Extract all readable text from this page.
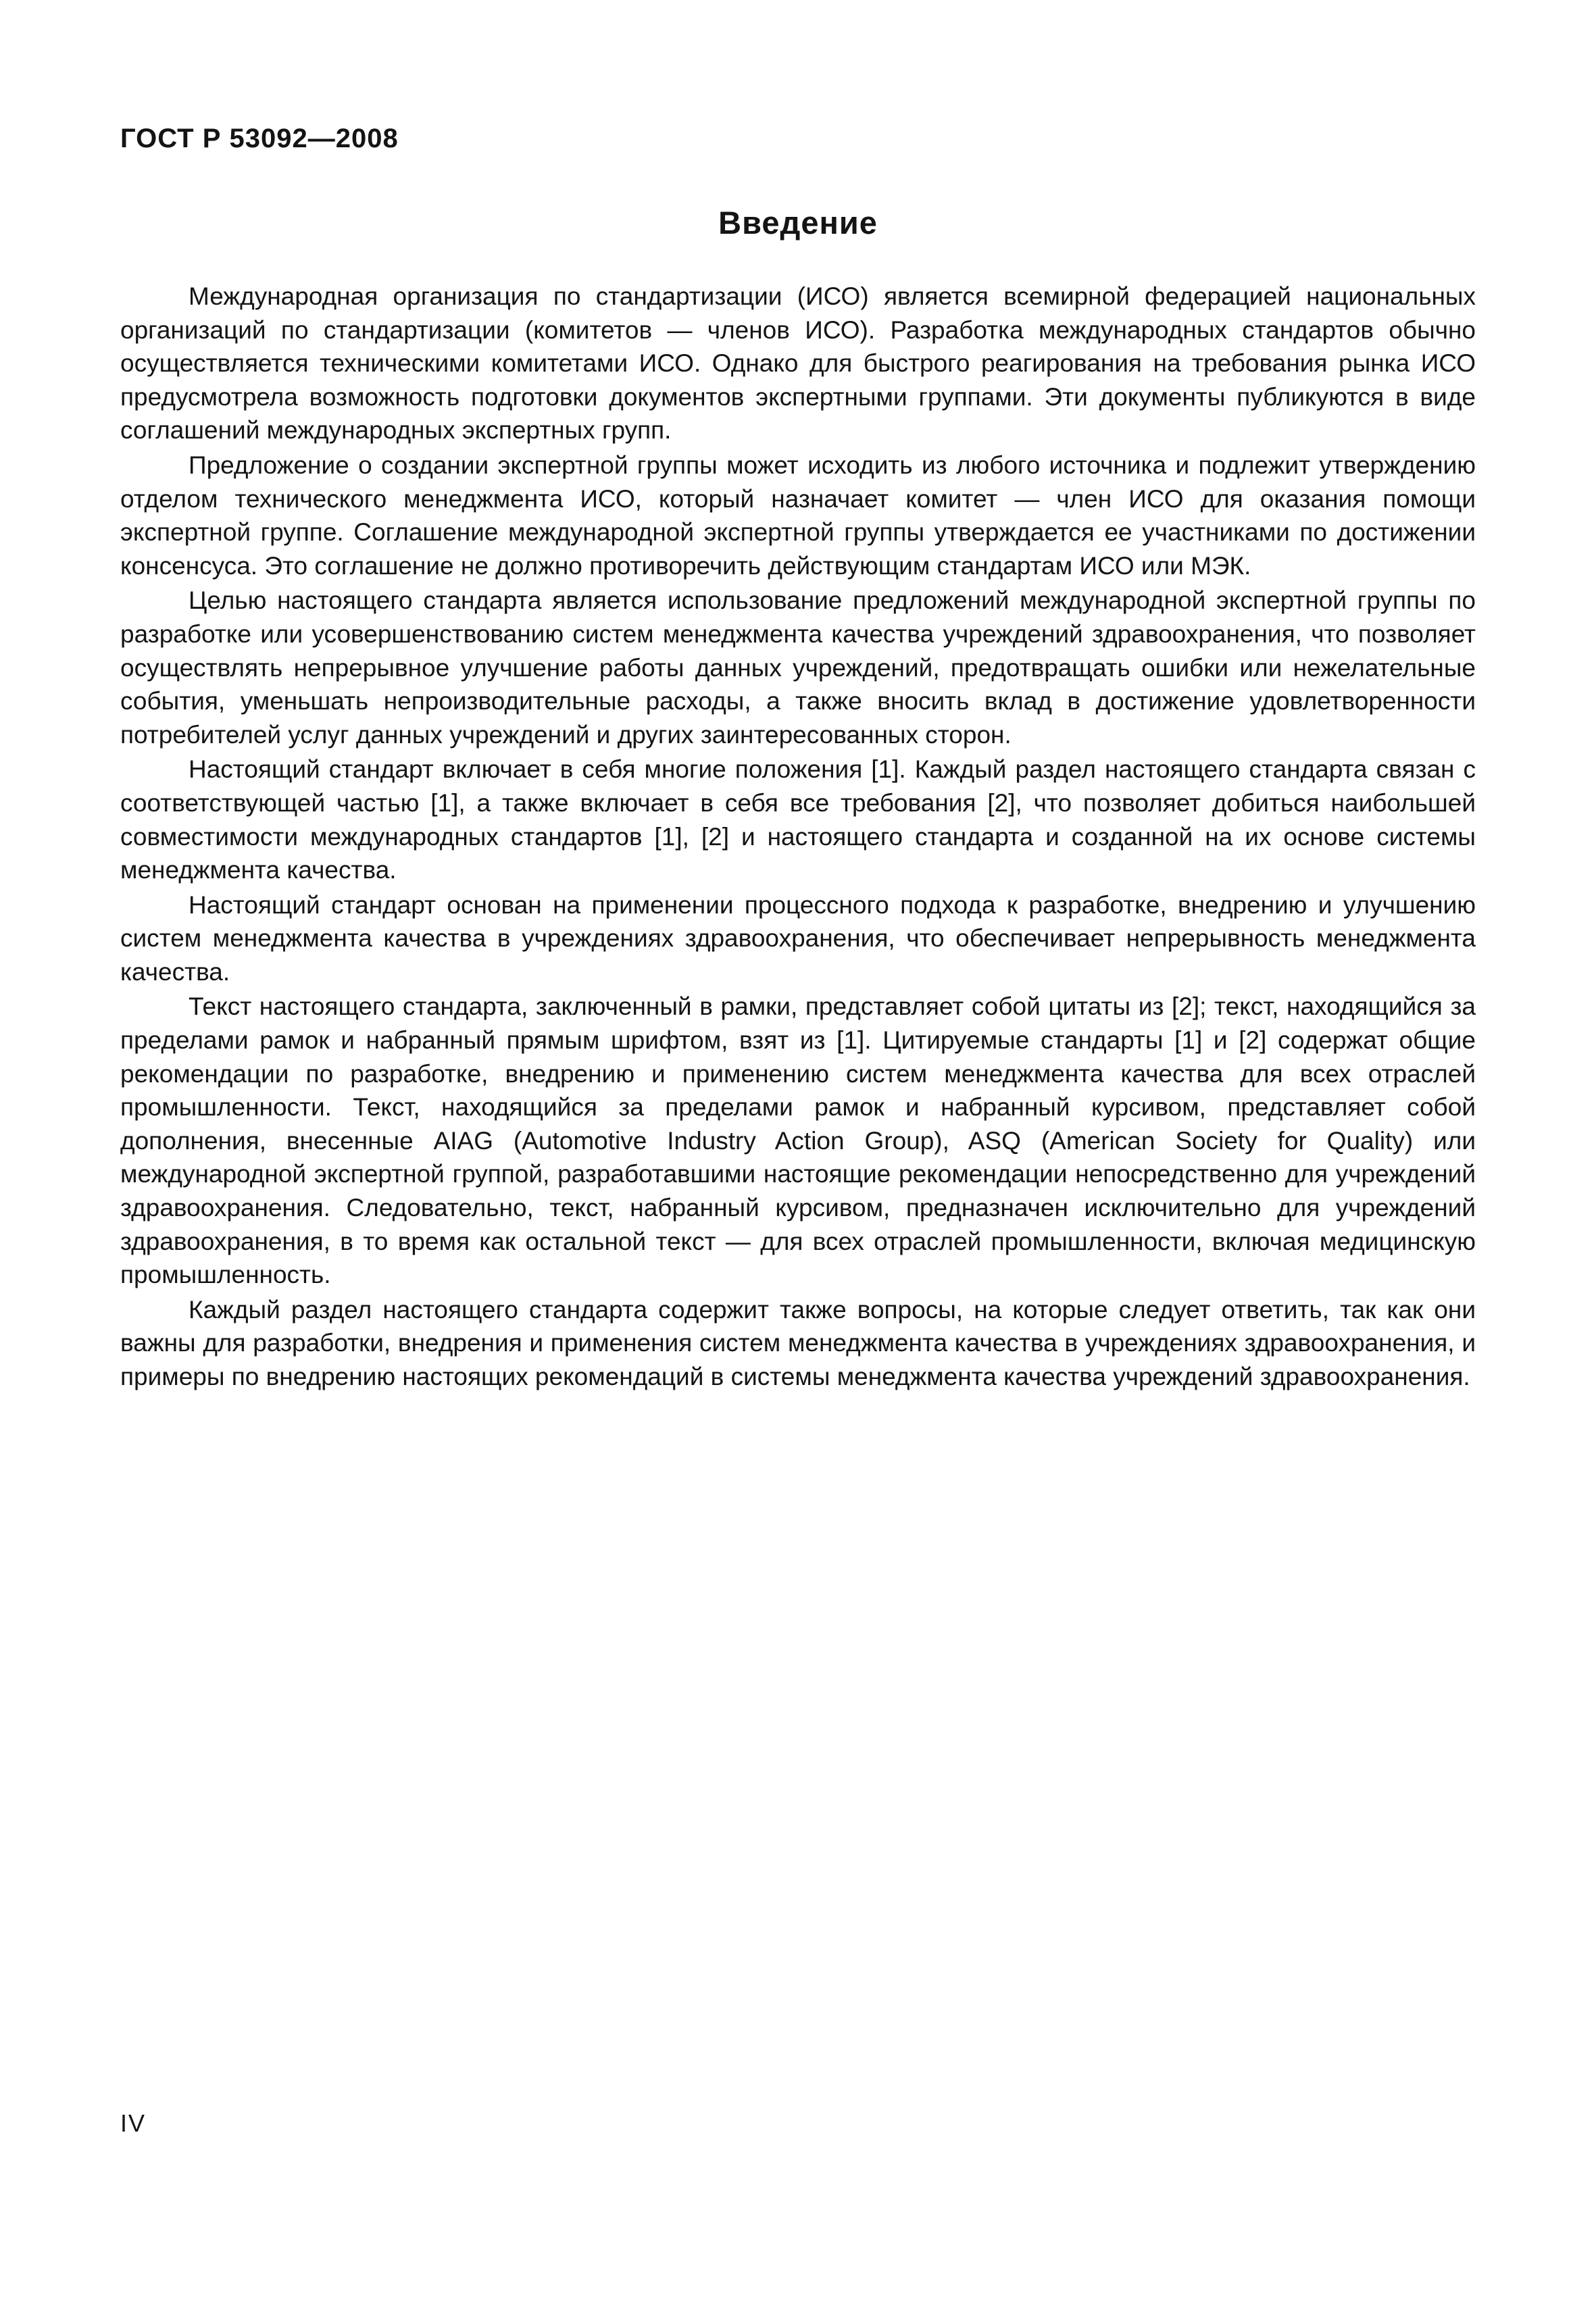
ГОСТ Р 53092—2008
Введение

Международная организация по стандартизации (ИСО) является всемирной федерацией национальных организаций по стандартизации (комитетов — членов ИСО). Разработка международных стандартов обычно осуществляется техническими комитетами ИСО. Однако для быстрого реагирования на требования рынка ИСО предусмотрела возможность подготовки документов экспертными группами. Эти документы публикуются в виде соглашений международных экспертных групп.

Предложение о создании экспертной группы может исходить из любого источника и подлежит утверждению отделом технического менеджмента ИСО, который назначает комитет — член ИСО для оказания помощи экспертной группе. Соглашение международной экспертной группы утверждается ее участниками по достижении консенсуса. Это соглашение не должно противоречить действующим стандартам ИСО или МЭК.

Целью настоящего стандарта является использование предложений международной экспертной группы по разработке или усовершенствованию систем менеджмента качества учреждений здравоохранения, что позволяет осуществлять непрерывное улучшение работы данных учреждений, предотвращать ошибки или нежелательные события, уменьшать непроизводительные расходы, а также вносить вклад в достижение удовлетворенности потребителей услуг данных учреждений и других заинтересованных сторон.

Настоящий стандарт включает в себя многие положения [1]. Каждый раздел настоящего стандарта связан с соответствующей частью [1], а также включает в себя все требования [2], что позволяет добиться наибольшей совместимости международных стандартов [1], [2] и настоящего стандарта и созданной на их основе системы менеджмента качества.

Настоящий стандарт основан на применении процессного подхода к разработке, внедрению и улучшению систем менеджмента качества в учреждениях здравоохранения, что обеспечивает непрерывность менеджмента качества.

Текст настоящего стандарта, заключенный в рамки, представляет собой цитаты из [2]; текст, находящийся за пределами рамок и набранный прямым шрифтом, взят из [1]. Цитируемые стандарты [1] и [2] содержат общие рекомендации по разработке, внедрению и применению систем менеджмента качества для всех отраслей промышленности. Текст, находящийся за пределами рамок и набранный курсивом, представляет собой дополнения, внесенные AIAG (Automotive Industry Action Group), ASQ (American Society for Quality) или международной экспертной группой, разработавшими настоящие рекомендации непосредственно для учреждений здравоохранения. Следовательно, текст, набранный курсивом, предназначен исключительно для учреждений здравоохранения, в то время как остальной текст — для всех отраслей промышленности, включая медицинскую промышленность.

Каждый раздел настоящего стандарта содержит также вопросы, на которые следует ответить, так как они важны для разработки, внедрения и применения систем менеджмента качества в учреждениях здравоохранения, и примеры по внедрению настоящих рекомендаций в системы менеджмента качества учреждений здравоохранения.

IV
